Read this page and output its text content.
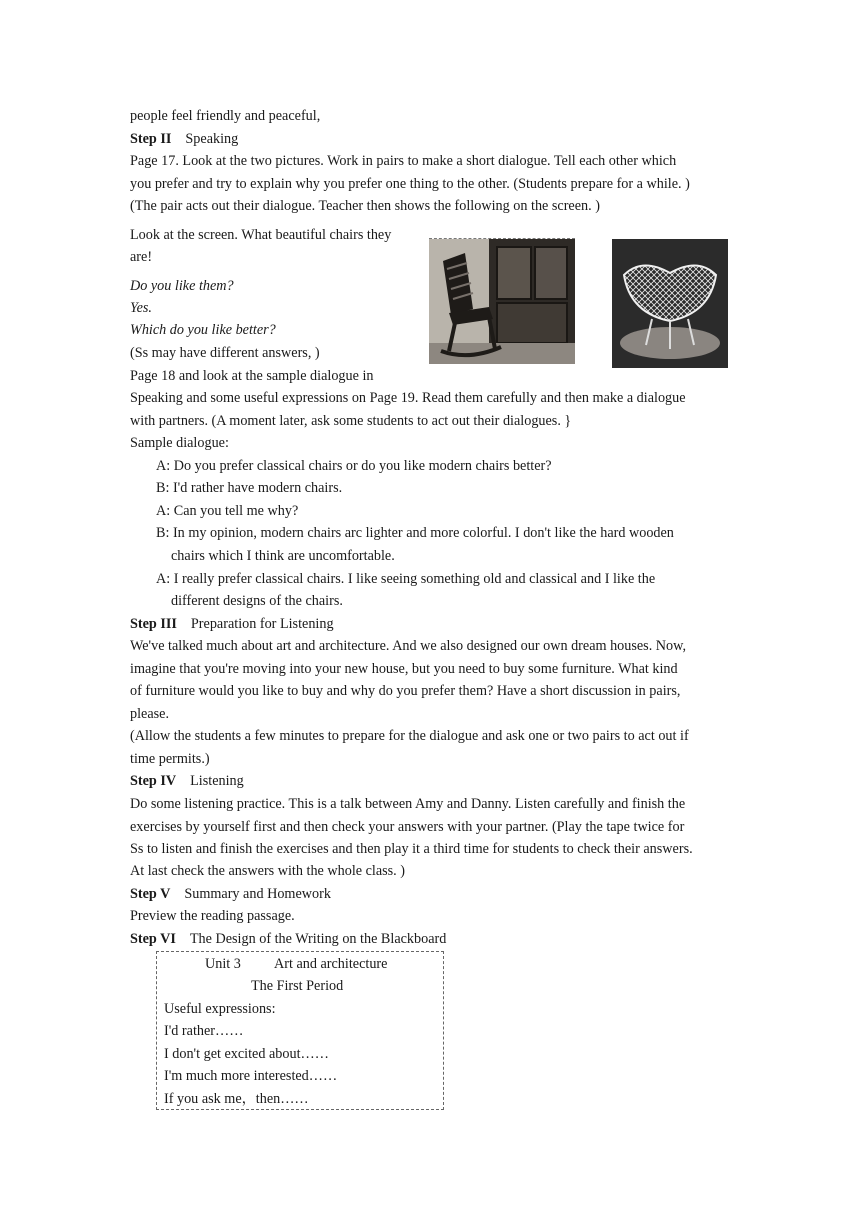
people feel friendly and peaceful,
Step II Speaking
Page 17. Look at the two pictures. Work in pairs to make a short dialogue. Tell each other which
you prefer and try to explain why you prefer one thing to the other. (Students prepare for a while. )
(The pair acts out their dialogue. Teacher then shows the following on the screen. )
Look at the screen. What beautiful chairs they
are!
Do you like them?
Yes.
Which do you like better?
(Ss may have different answers, )
Page 18 and look at the sample dialogue in
Speaking and some useful expressions on Page 19. Read them carefully and then make a dialogue
with partners. (A moment later, ask some students to act out their dialogues. }
Sample dialogue:
A: Do you prefer classical chairs or do you like modern chairs better?
B: I'd rather have modern chairs.
A: Can you tell me why?
B: In my opinion, modern chairs arc lighter and more colorful. I don't like the hard wooden
chairs which I think are uncomfortable.
A: I really prefer classical chairs. I like seeing something old and classical and I like the
different designs of the chairs.
Step III Preparation for Listening
We've talked much about art and architecture. And we also designed our own dream houses. Now,
imagine that you're moving into your new house, but you need to buy some furniture. What kind
of furniture would you like to buy and why do you prefer them? Have a short discussion in pairs,
please.
(Allow the students a few minutes to prepare for the dialogue and ask one or two pairs to act out if
time permits.)
Step IV Listening
Do some listening practice. This is a talk between Amy and Danny. Listen carefully and finish the
exercises by yourself first and then check your answers with your partner. (Play the tape twice for
Ss to listen and finish the exercises and then play it a third time for students to check their answers.
At last check the answers with the whole class. )
Step V Summary and Homework
Preview the reading passage.
Step VI The Design of the Writing on the Blackboard
Unit 3 Art and architecture
The First Period
Useful expressions:
I'd rather……
I don't get excited about……
I'm much more interested……
If you ask me，then……
